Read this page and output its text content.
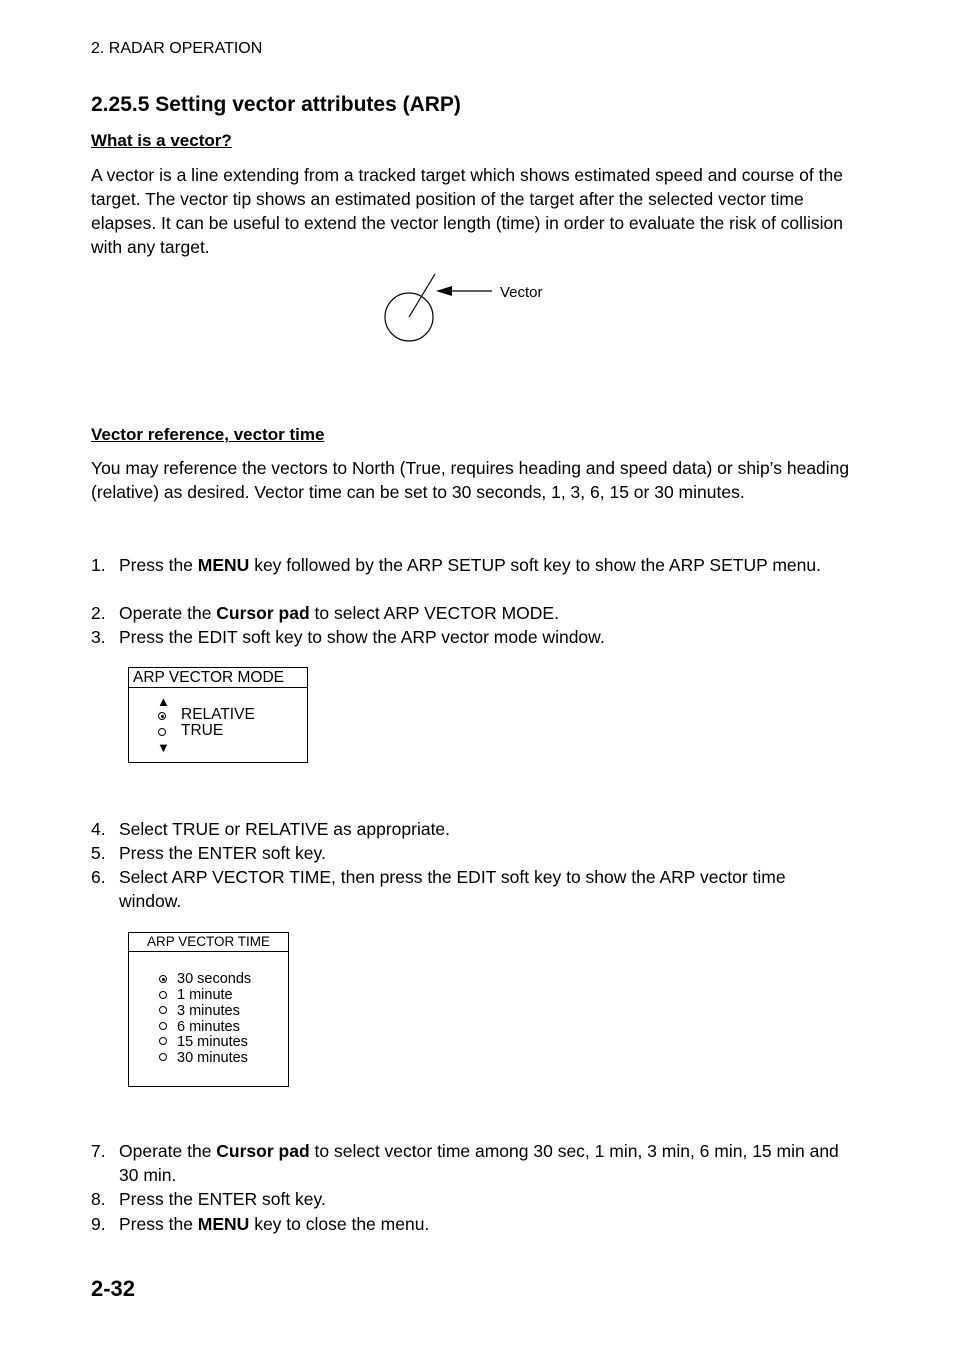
2. RADAR OPERATION
2.25.5 Setting vector attributes (ARP)
What is a vector?
A vector is a line extending from a tracked target which shows estimated speed and course of the target. The vector tip shows an estimated position of the target after the selected vector time elapses. It can be useful to extend the vector length (time) in order to evaluate the risk of collision with any target.
Vector
Vector reference, vector time
You may reference the vectors to North (True, requires heading and speed data) or ship’s heading (relative) as desired. Vector time can be set to 30 seconds, 1, 3, 6, 15 or 30 minutes.
1. Press the MENU key followed by the ARP SETUP soft key to show the ARP SETUP menu.
2. Operate the Cursor pad to select ARP VECTOR MODE.
3. Press the EDIT soft key to show the ARP vector mode window.
ARP VECTOR MODE
▲
RELATIVE
TRUE
▼
4. Select TRUE or RELATIVE as appropriate.
5. Press the ENTER soft key.
6. Select ARP VECTOR TIME, then press the EDIT soft key to show the ARP vector time window.
ARP VECTOR TIME
30 seconds
1 minute
3 minutes
6 minutes
15 minutes
30 minutes
7. Operate the Cursor pad to select vector time among 30 sec, 1 min, 3 min, 6 min, 15 min and 30 min.
8. Press the ENTER soft key.
9. Press the MENU key to close the menu.
2-32
